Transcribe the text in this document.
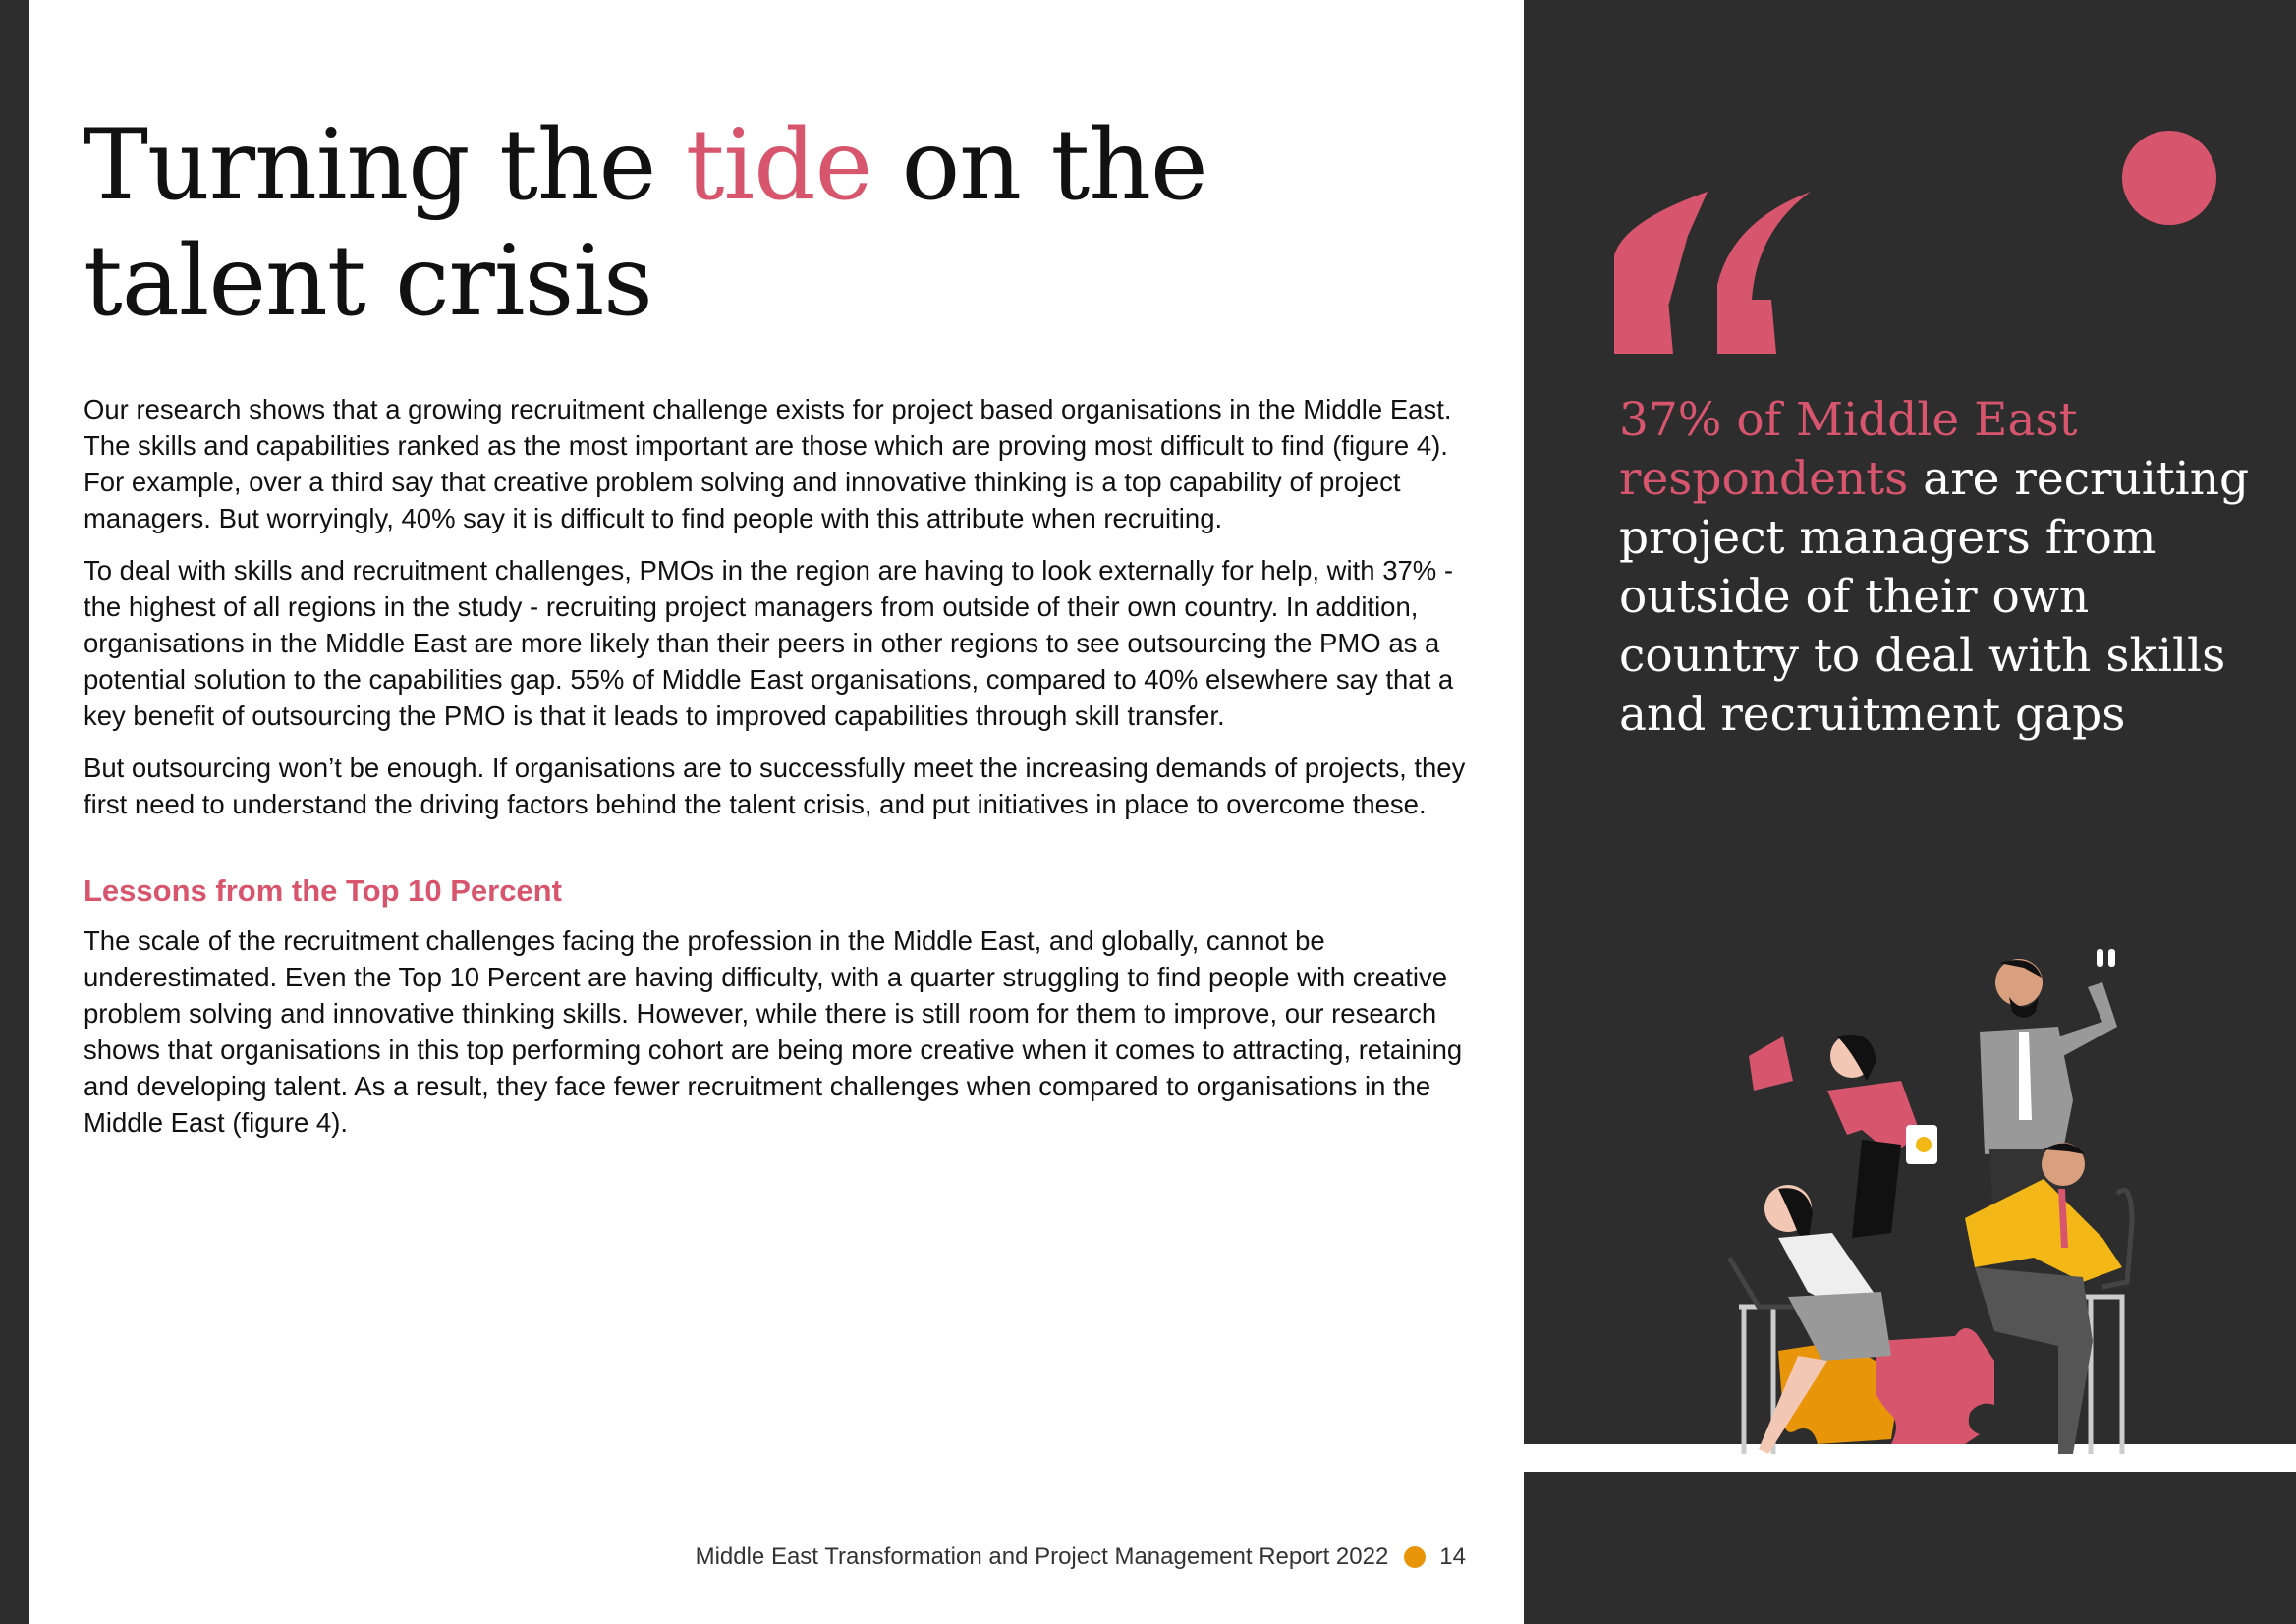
Turning the tide on the talent crisis

Our research shows that a growing recruitment challenge exists for project based organisations in the Middle East. The skills and capabilities ranked as the most important are those which are proving most difficult to find (figure 4). For example, over a third say that creative problem solving and innovative thinking is a top capability of project managers. But worryingly, 40% say it is difficult to find people with this attribute when recruiting.

To deal with skills and recruitment challenges, PMOs in the region are having to look externally for help, with 37% - the highest of all regions in the study - recruiting project managers from outside of their own country. In addition, organisations in the Middle East are more likely than their peers in other regions to see outsourcing the PMO as a potential solution to the capabilities gap. 55% of Middle East organisations, compared to 40% elsewhere say that a key benefit of outsourcing the PMO is that it leads to improved capabilities through skill transfer.

But outsourcing won’t be enough. If organisations are to successfully meet the increasing demands of projects, they first need to understand the driving factors behind the talent crisis, and put initiatives in place to overcome these.

Lessons from the Top 10 Percent

The scale of the recruitment challenges facing the profession in the Middle East, and globally, cannot be underestimated. Even the Top 10 Percent are having difficulty, with a quarter struggling to find people with creative problem solving and innovative thinking skills. However, while there is still room for them to improve, our research shows that organisations in this top performing cohort are being more creative when it comes to attracting, retaining and developing talent. As a result, they face fewer recruitment challenges when compared to organisations in the Middle East (figure 4).

Middle East Transformation and Project Management Report 2022 14

37% of Middle East respondents are recruiting project managers from outside of their own country to deal with skills and recruitment gaps
